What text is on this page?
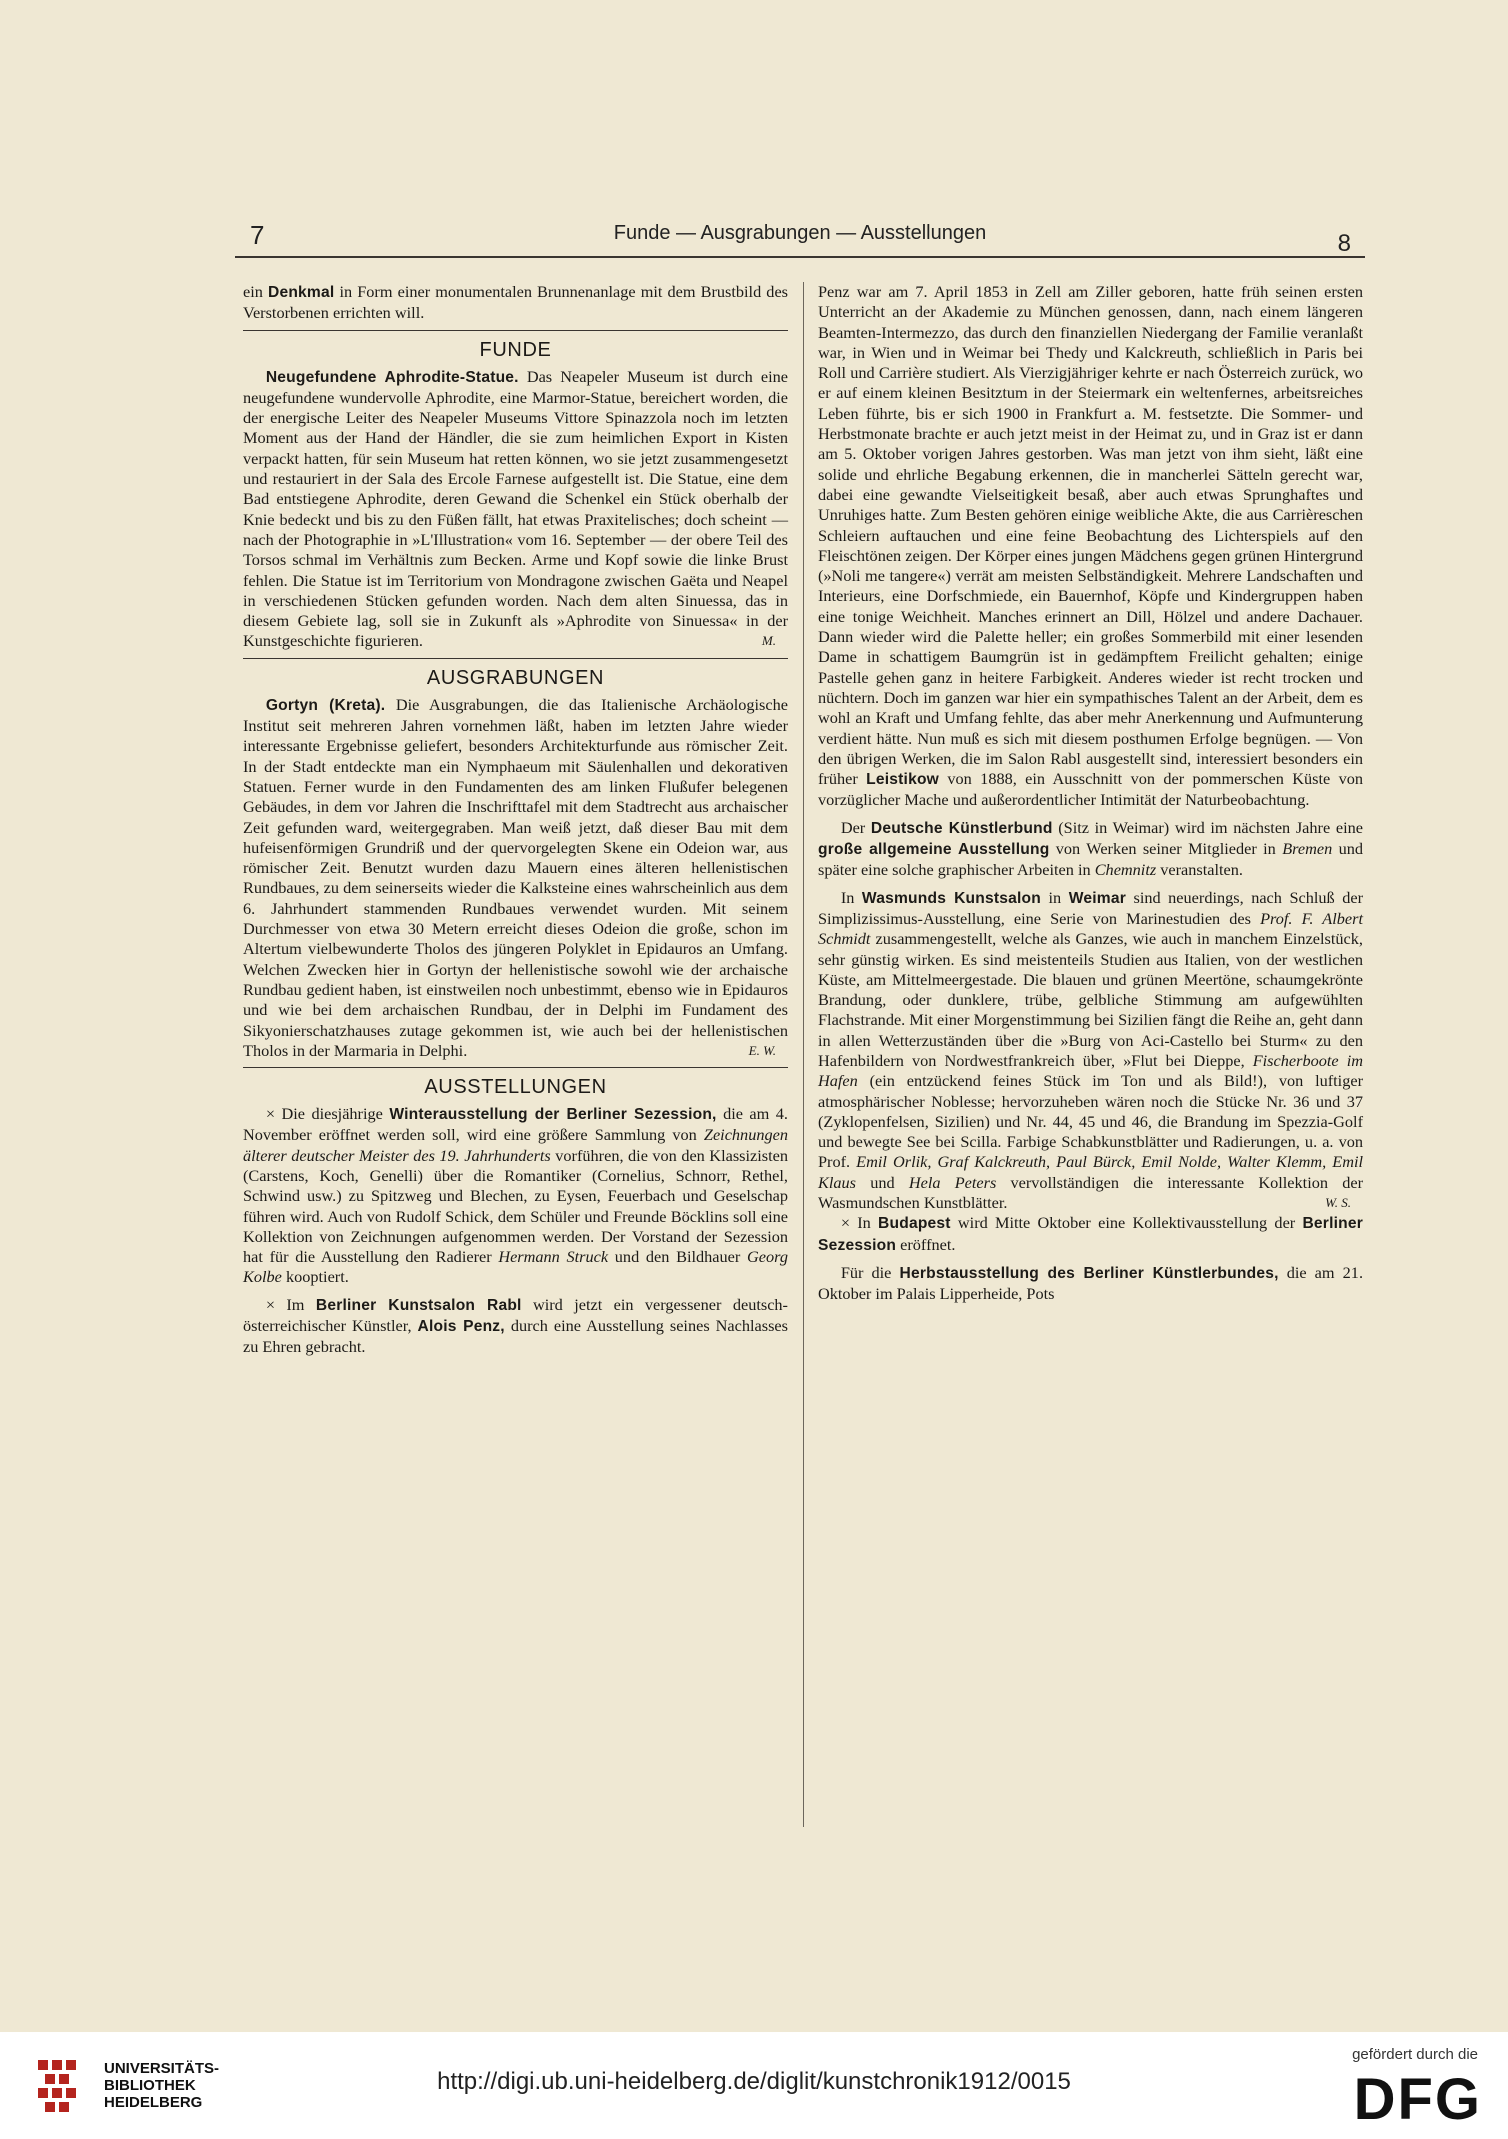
7	Funde — Ausgrabungen — Ausstellungen	8

ein Denkmal in Form einer monumentalen Brunnenanlage mit dem Brustbild des Verstorbenen errichten will.

FUNDE

Neugefundene Aphrodite-Statue. Das Neapeler Museum ist durch eine neugefundene wundervolle Aphrodite, eine Marmor-Statue, bereichert worden, die der energische Leiter des Neapeler Museums Vittore Spinazzola noch im letzten Moment aus der Hand der Händler, die sie zum heimlichen Export in Kisten verpackt hatten, für sein Museum hat retten können, wo sie jetzt zusammengesetzt und restauriert in der Sala des Ercole Farnese aufgestellt ist. Die Statue, eine dem Bad entstiegene Aphrodite, deren Gewand die Schenkel ein Stück oberhalb der Knie bedeckt und bis zu den Füßen fällt, hat etwas Praxitelisches; doch scheint — nach der Photographie in »L'Illustration« vom 16. September — der obere Teil des Torsos schmal im Verhältnis zum Becken. Arme und Kopf sowie die linke Brust fehlen. Die Statue ist im Territorium von Mondragone zwischen Gaëta und Neapel in verschiedenen Stücken gefunden worden. Nach dem alten Sinuessa, das in diesem Gebiete lag, soll sie in Zukunft als »Aphrodite von Sinuessa« in der Kunstgeschichte figurieren.	M.

AUSGRABUNGEN

Gortyn (Kreta). Die Ausgrabungen, die das Italienische Archäologische Institut seit mehreren Jahren vornehmen läßt, haben im letzten Jahre wieder interessante Ergebnisse geliefert, besonders Architekturfunde aus römischer Zeit. In der Stadt entdeckte man ein Nymphaeum mit Säulenhallen und dekorativen Statuen. Ferner wurde in den Fundamenten des am linken Flußufer belegenen Gebäudes, in dem vor Jahren die Inschrifttafel mit dem Stadtrecht aus archaischer Zeit gefunden ward, weitergegraben. Man weiß jetzt, daß dieser Bau mit dem hufeisenförmigen Grundriß und der quervorgelegten Skene ein Odeion war, aus römischer Zeit. Benutzt wurden dazu Mauern eines älteren hellenistischen Rundbaues, zu dem seinerseits wieder die Kalksteine eines wahrscheinlich aus dem 6. Jahrhundert stammenden Rundbaues verwendet wurden. Mit seinem Durchmesser von etwa 30 Metern erreicht dieses Odeion die große, schon im Altertum vielbewunderte Tholos des jüngeren Polyklet in Epidauros an Umfang. Welchen Zwecken hier in Gortyn der hellenistische sowohl wie der archaische Rundbau gedient haben, ist einstweilen noch unbestimmt, ebenso wie in Epidauros und wie bei dem archaischen Rundbau, der in Delphi im Fundament des Sikyonierschatzhauses zutage gekommen ist, wie auch bei der hellenistischen Tholos in der Marmaria in Delphi.	E. W.

AUSSTELLUNGEN

× Die diesjährige Winterausstellung der Berliner Sezession, die am 4. November eröffnet werden soll, wird eine größere Sammlung von Zeichnungen älterer deutscher Meister des 19. Jahrhunderts vorführen, die von den Klassizisten (Carstens, Koch, Genelli) über die Romantiker (Cornelius, Schnorr, Rethel, Schwind usw.) zu Spitzweg und Blechen, zu Eysen, Feuerbach und Geselschap führen wird. Auch von Rudolf Schick, dem Schüler und Freunde Böcklins soll eine Kollektion von Zeichnungen aufgenommen werden. Der Vorstand der Sezession hat für die Ausstellung den Radierer Hermann Struck und den Bildhauer Georg Kolbe kooptiert.

× Im Berliner Kunstsalon Rabl wird jetzt ein vergessener deutsch-österreichischer Künstler, Alois Penz, durch eine Ausstellung seines Nachlasses zu Ehren gebracht.

Penz war am 7. April 1853 in Zell am Ziller geboren, hatte früh seinen ersten Unterricht an der Akademie zu München genossen, dann, nach einem längeren Beamten-Intermezzo, das durch den finanziellen Niedergang der Familie veranlaßt war, in Wien und in Weimar bei Thedy und Kalckreuth, schließlich in Paris bei Roll und Carrière studiert. Als Vierzigjähriger kehrte er nach Österreich zurück, wo er auf einem kleinen Besitztum in der Steiermark ein weltenfernes, arbeitsreiches Leben führte, bis er sich 1900 in Frankfurt a. M. festsetzte. Die Sommer- und Herbstmonate brachte er auch jetzt meist in der Heimat zu, und in Graz ist er dann am 5. Oktober vorigen Jahres gestorben. Was man jetzt von ihm sieht, läßt eine solide und ehrliche Begabung erkennen, die in mancherlei Sätteln gerecht war, dabei eine gewandte Vielseitigkeit besaß, aber auch etwas Sprunghaftes und Unruhiges hatte. Zum Besten gehören einige weibliche Akte, die aus Carrièreschen Schleiern auftauchen und eine feine Beobachtung des Lichterspiels auf den Fleischtönen zeigen. Der Körper eines jungen Mädchens gegen grünen Hintergrund (»Noli me tangere«) verrät am meisten Selbständigkeit. Mehrere Landschaften und Interieurs, eine Dorfschmiede, ein Bauernhof, Köpfe und Kindergruppen haben eine tonige Weichheit. Manches erinnert an Dill, Hölzel und andere Dachauer. Dann wieder wird die Palette heller; ein großes Sommerbild mit einer lesenden Dame in schattigem Baumgrün ist in gedämpftem Freilicht gehalten; einige Pastelle gehen ganz in heitere Farbigkeit. Anderes wieder ist recht trocken und nüchtern. Doch im ganzen war hier ein sympathisches Talent an der Arbeit, dem es wohl an Kraft und Umfang fehlte, das aber mehr Anerkennung und Aufmunterung verdient hätte. Nun muß es sich mit diesem posthumen Erfolge begnügen. — Von den übrigen Werken, die im Salon Rabl ausgestellt sind, interessiert besonders ein früher Leistikow von 1888, ein Ausschnitt von der pommerschen Küste von vorzüglicher Mache und außerordentlicher Intimität der Naturbeobachtung.

Der Deutsche Künstlerbund (Sitz in Weimar) wird im nächsten Jahre eine große allgemeine Ausstellung von Werken seiner Mitglieder in Bremen und später eine solche graphischer Arbeiten in Chemnitz veranstalten.

In Wasmunds Kunstsalon in Weimar sind neuerdings, nach Schluß der Simplizissimus-Ausstellung, eine Serie von Marinestudien des Prof. F. Albert Schmidt zusammengestellt, welche als Ganzes, wie auch in manchem Einzelstück, sehr günstig wirken. Es sind meistenteils Studien aus Italien, von der westlichen Küste, am Mittelmeergestade. Die blauen und grünen Meertöne, schaumgekrönte Brandung, oder dunklere, trübe, gelbliche Stimmung am aufgewühlten Flachstrande. Mit einer Morgenstimmung bei Sizilien fängt die Reihe an, geht dann in allen Wetterzuständen über die »Burg von Aci-Castello bei Sturm« zu den Hafenbildern von Nordwestfrankreich über, »Flut bei Dieppe, Fischerboote im Hafen (ein entzückend feines Stück im Ton und als Bild!), von luftiger atmosphärischer Noblesse; hervorzuheben wären noch die Stücke Nr. 36 und 37 (Zyklopenfelsen, Sizilien) und Nr. 44, 45 und 46, die Brandung im Spezzia-Golf und bewegte See bei Scilla. Farbige Schabkunstblätter und Radierungen, u. a. von Prof. Emil Orlik, Graf Kalckreuth, Paul Bürck, Emil Nolde, Walter Klemm, Emil Klaus und Hela Peters vervollständigen die interessante Kollektion der Wasmundschen Kunstblätter.	W. S.

× In Budapest wird Mitte Oktober eine Kollektivausstellung der Berliner Sezession eröffnet.

Für die Herbstausstellung des Berliner Künstlerbundes, die am 21. Oktober im Palais Lipperheide, Pots

UNIVERSITÄTS-
BIBLIOTHEK
HEIDELBERG
http://digi.ub.uni-heidelberg.de/diglit/kunstchronik1912/0015
gefördert durch die
DFG
